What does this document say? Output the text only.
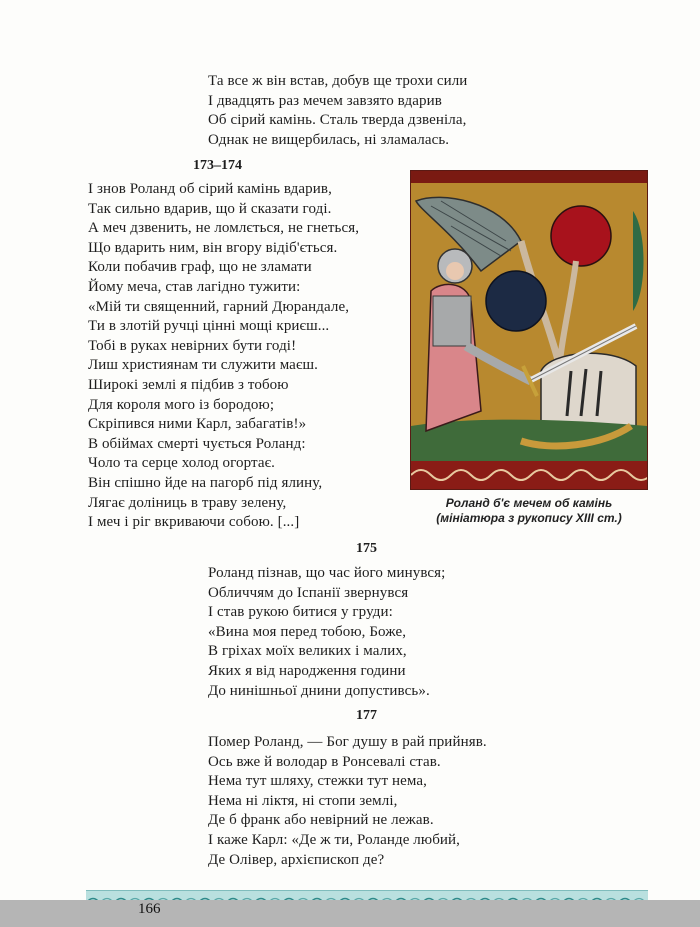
Та все ж він встав, добув ще трохи сили
І двадцять раз мечем завзято вдарив
Об сірий камінь. Сталь тверда дзвеніла,
Однак не вищербилась, ні зламалась.
173–174
І знов Роланд об сірий камінь вдарив,
Так сильно вдарив, що й сказати годі.
А меч дзвенить, не ломлється, не гнеться,
Що вдарить ним, він вгору відіб'ється.
Коли побачив граф, що не зламати
Йому меча, став лагідно тужити:
«Мій ти священний, гарний Дюрандале,
Ти в злотій ручці цінні мощі криєш...
Тобі в руках невірних бути годі!
Лиш християнам ти служити маєш.
Широкі землі я підбив з тобою
Для короля мого із бородою;
Скріпився ними Карл, забагатів!»
В обіймах смерті чується Роланд:
Чоло та серце холод огортає.
Він спішно йде на пагорб під ялину,
Лягає доліниць в траву зелену,
І меч і ріг вкриваючи собою. [...]
Роланд б'є мечем об камінь
(мініатюра з рукопису XIII ст.)
175
Роланд пізнав, що час його минувся;
Обличчям до Іспанії звернувся
І став рукою битися у груди:
«Вина моя перед тобою, Боже,
В гріхах моїх великих і малих,
Яких я від народження години
До нинішньої днини допустивсь».
177
Помер Роланд, — Бог душу в рай прийняв.
Ось вже й володар в Ронсевалі став.
Нема тут шляху, стежки тут нема,
Нема ні ліктя, ні стопи землі,
Де б франк або невірний не лежав.
І каже Карл: «Де ж ти, Роланде любий,
Де Олівер, архієпископ де?
166
